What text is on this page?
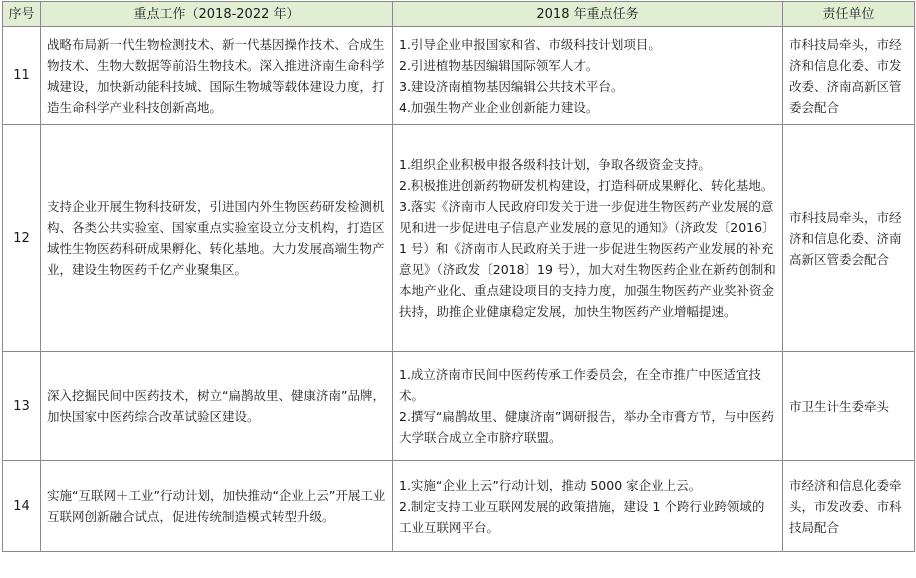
序号	重点工作（2018-2022 年）	2018 年重点任务	责任单位
11	战略布局新一代生物检测技术、新一代基因操作技术、合成生物技术、生物大数据等前沿生物技术。深入推进济南生命科学城建设，加快新动能科技城、国际生物城等载体建设力度，打造生命科学产业科技创新高地。	1.引导企业申报国家和省、市级科技计划项目。
2.引进植物基因编辑国际领军人才。
3.建设济南植物基因编辑公共技术平台。
4.加强生物产业企业创新能力建设。	市科技局牵头，市经济和信息化委、市发改委、济南高新区管委会配合
12	支持企业开展生物科技研发，引进国内外生物医药研发检测机构、各类公共实验室、国家重点实验室设立分支机构，打造区域性生物医药科研成果孵化、转化基地。大力发展高端生物产业，建设生物医药千亿产业聚集区。	1.组织企业积极申报各级科技计划，争取各级资金支持。
2.积极推进创新药物研发机构建设，打造科研成果孵化、转化基地。
3.落实《济南市人民政府印发关于进一步促进生物医药产业发展的意见和进一步促进电子信息产业发展的意见的通知》（济政发〔2016〕1 号）和《济南市人民政府关于进一步促进生物医药产业发展的补充意见》（济政发〔2018〕19 号），加大对生物医药企业在新药创制和本地产业化、重点建设项目的支持力度，加强生物医药产业奖补资金扶持，助推企业健康稳定发展，加快生物医药产业增幅提速。	市科技局牵头，市经济和信息化委、济南高新区管委会配合
13	深入挖掘民间中医药技术，树立“扁鹊故里、健康济南”品牌，加快国家中医药综合改革试验区建设。	1.成立济南市民间中医药传承工作委员会，在全市推广中医适宜技术。
2.撰写“扁鹊故里、健康济南”调研报告，举办全市膏方节，与中医药大学联合成立全市脐疗联盟。	市卫生计生委牵头
14	实施“互联网＋工业”行动计划，加快推动“企业上云”开展工业互联网创新融合试点，促进传统制造模式转型升级。	1.实施“企业上云”行动计划，推动 5000 家企业上云。
2.制定支持工业互联网发展的政策措施，建设 1 个跨行业跨领域的工业互联网平台。	市经济和信息化委牵头，市发改委、市科技局配合
